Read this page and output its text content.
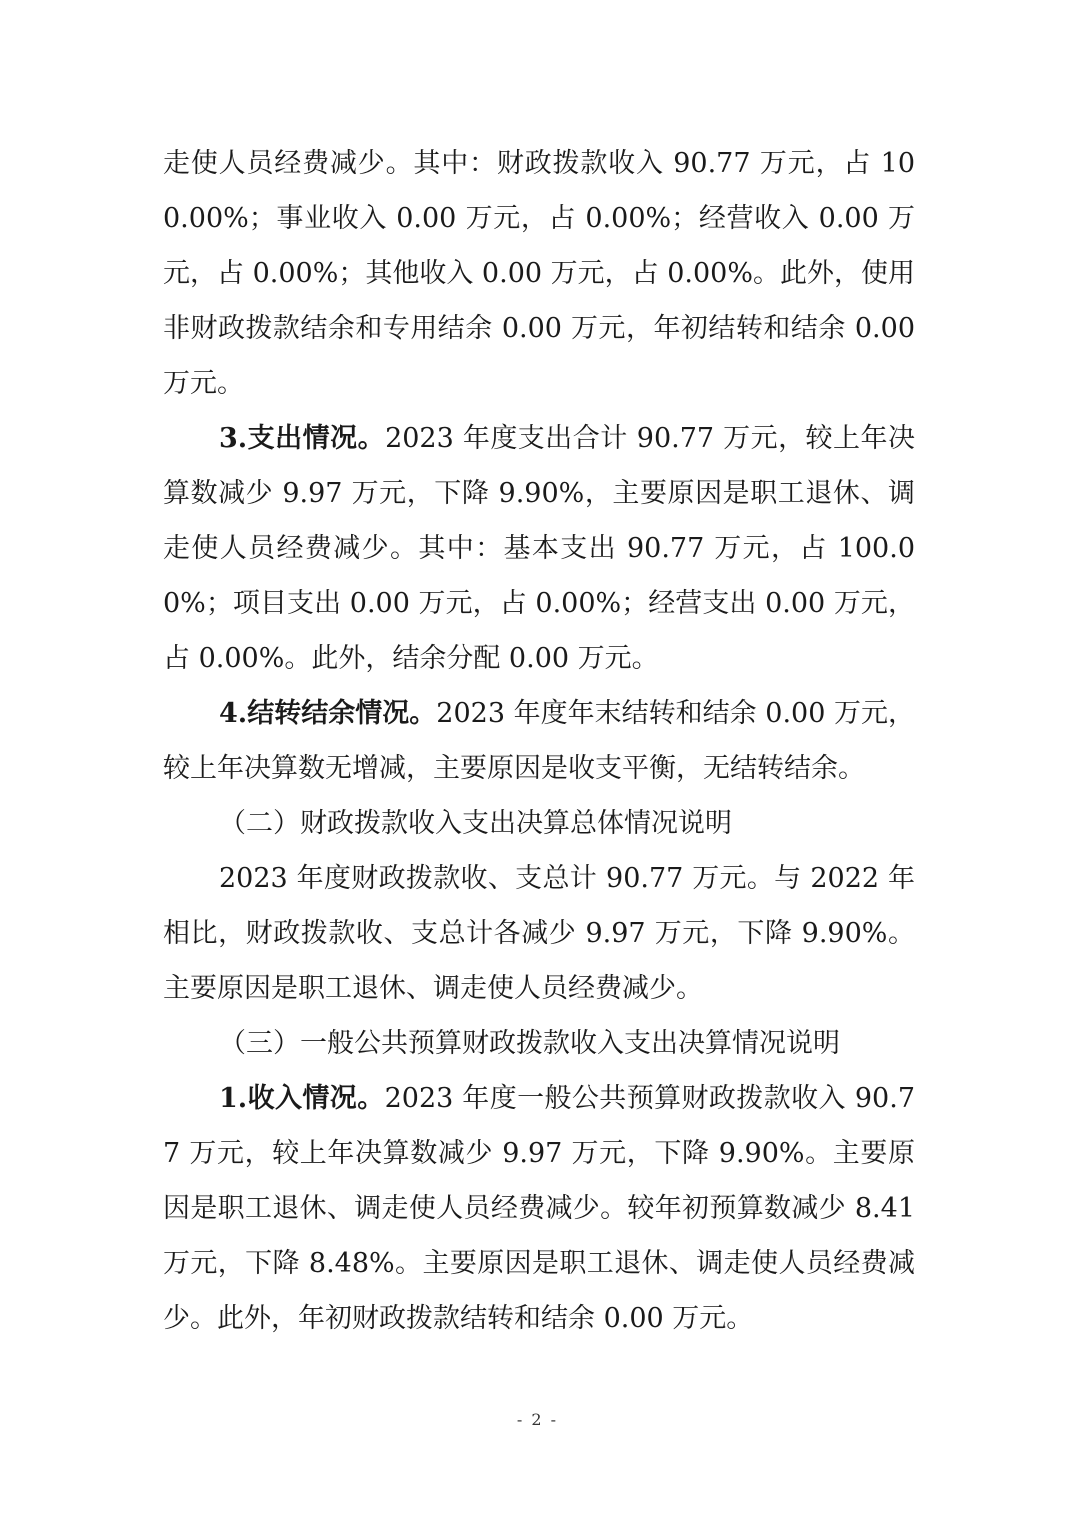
走使人员经费减少。其中：财政拨款收入 90.77 万元，占 100.00%；事业收入 0.00 万元，占 0.00%；经营收入 0.00 万元，占 0.00%；其他收入 0.00 万元，占 0.00%。此外，使用非财政拨款结余和专用结余 0.00 万元，年初结转和结余 0.00 万元。

3.支出情况。2023 年度支出合计 90.77 万元，较上年决算数减少 9.97 万元，下降 9.90%，主要原因是职工退休、调走使人员经费减少。其中：基本支出 90.77 万元，占 100.00%；项目支出 0.00 万元，占 0.00%；经营支出 0.00 万元，占 0.00%。此外，结余分配 0.00 万元。

4.结转结余情况。2023 年度年末结转和结余 0.00 万元，较上年决算数无增减，主要原因是收支平衡，无结转结余。

（二）财政拨款收入支出决算总体情况说明

2023 年度财政拨款收、支总计 90.77 万元。与 2022 年相比，财政拨款收、支总计各减少 9.97 万元，下降 9.90%。主要原因是职工退休、调走使人员经费减少。

（三）一般公共预算财政拨款收入支出决算情况说明

1.收入情况。2023 年度一般公共预算财政拨款收入 90.77 万元，较上年决算数减少 9.97 万元，下降 9.90%。主要原因是职工退休、调走使人员经费减少。较年初预算数减少 8.41 万元，下降 8.48%。主要原因是职工退休、调走使人员经费减少。此外，年初财政拨款结转和结余 0.00 万元。

- 2 -
